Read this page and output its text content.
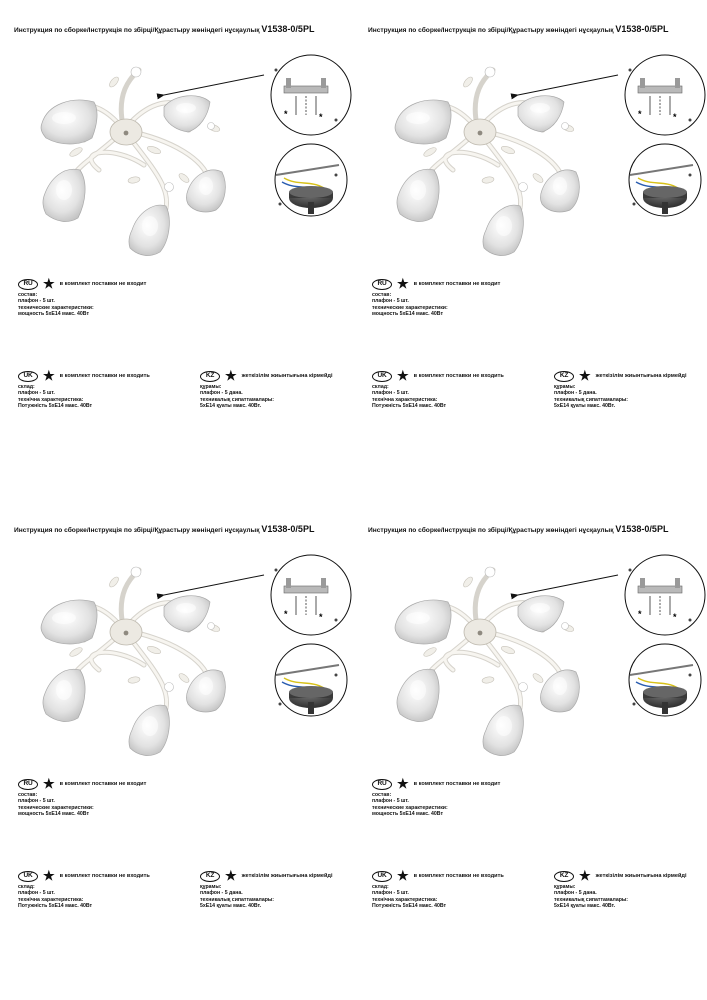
Инструкция по сборке/Інструкція по збірці/Құрастыру жөніндегі нұсқаулық V1538-0/5PL
*	*
RU ★ в комплект поставки не входит
состав:
плафон - 5 шт.
технические характеристики:
мощность 5хЕ14 макс. 40Вт
UK ★ в комплект поставки не входить
склад:
плафон - 5 шт.
технічна характеристика:
Потужність 5хЕ14 макс. 40Вт
KZ ★ жеткізілім жиынтығына кірмейді
құрамы:
плафон - 5 дана.
техникалық сипаттамалары:
5хЕ14 қуаты макс. 40Вт.
Инструкция по сборке/Інструкція по збірці/Құрастыру жөніндегі нұсқаулық V1538-0/5PL
*	*
RU ★ в комплект поставки не входит
состав:
плафон - 5 шт.
технические характеристики:
мощность 5хЕ14 макс. 40Вт
UK ★ в комплект поставки не входить
склад:
плафон - 5 шт.
технічна характеристика:
Потужність 5хЕ14 макс. 40Вт
KZ ★ жеткізілім жиынтығына кірмейді
құрамы:
плафон - 5 дана.
техникалық сипаттамалары:
5хЕ14 қуаты макс. 40Вт.
Инструкция по сборке/Інструкція по збірці/Құрастыру жөніндегі нұсқаулық V1538-0/5PL
*	*
RU ★ в комплект поставки не входит
состав:
плафон - 5 шт.
технические характеристики:
мощность 5хЕ14 макс. 40Вт
UK ★ в комплект поставки не входить
склад:
плафон - 5 шт.
технічна характеристика:
Потужність 5хЕ14 макс. 40Вт
KZ ★ жеткізілім жиынтығына кірмейді
құрамы:
плафон - 5 дана.
техникалық сипаттамалары:
5хЕ14 қуаты макс. 40Вт.
Инструкция по сборке/Інструкція по збірці/Құрастыру жөніндегі нұсқаулық V1538-0/5PL
*	*
RU ★ в комплект поставки не входит
состав:
плафон - 5 шт.
технические характеристики:
мощность 5хЕ14 макс. 40Вт
UK ★ в комплект поставки не входить
склад:
плафон - 5 шт.
технічна характеристика:
Потужність 5хЕ14 макс. 40Вт
KZ ★ жеткізілім жиынтығына кірмейді
құрамы:
плафон - 5 дана.
техникалық сипаттамалары:
5хЕ14 қуаты макс. 40Вт.
